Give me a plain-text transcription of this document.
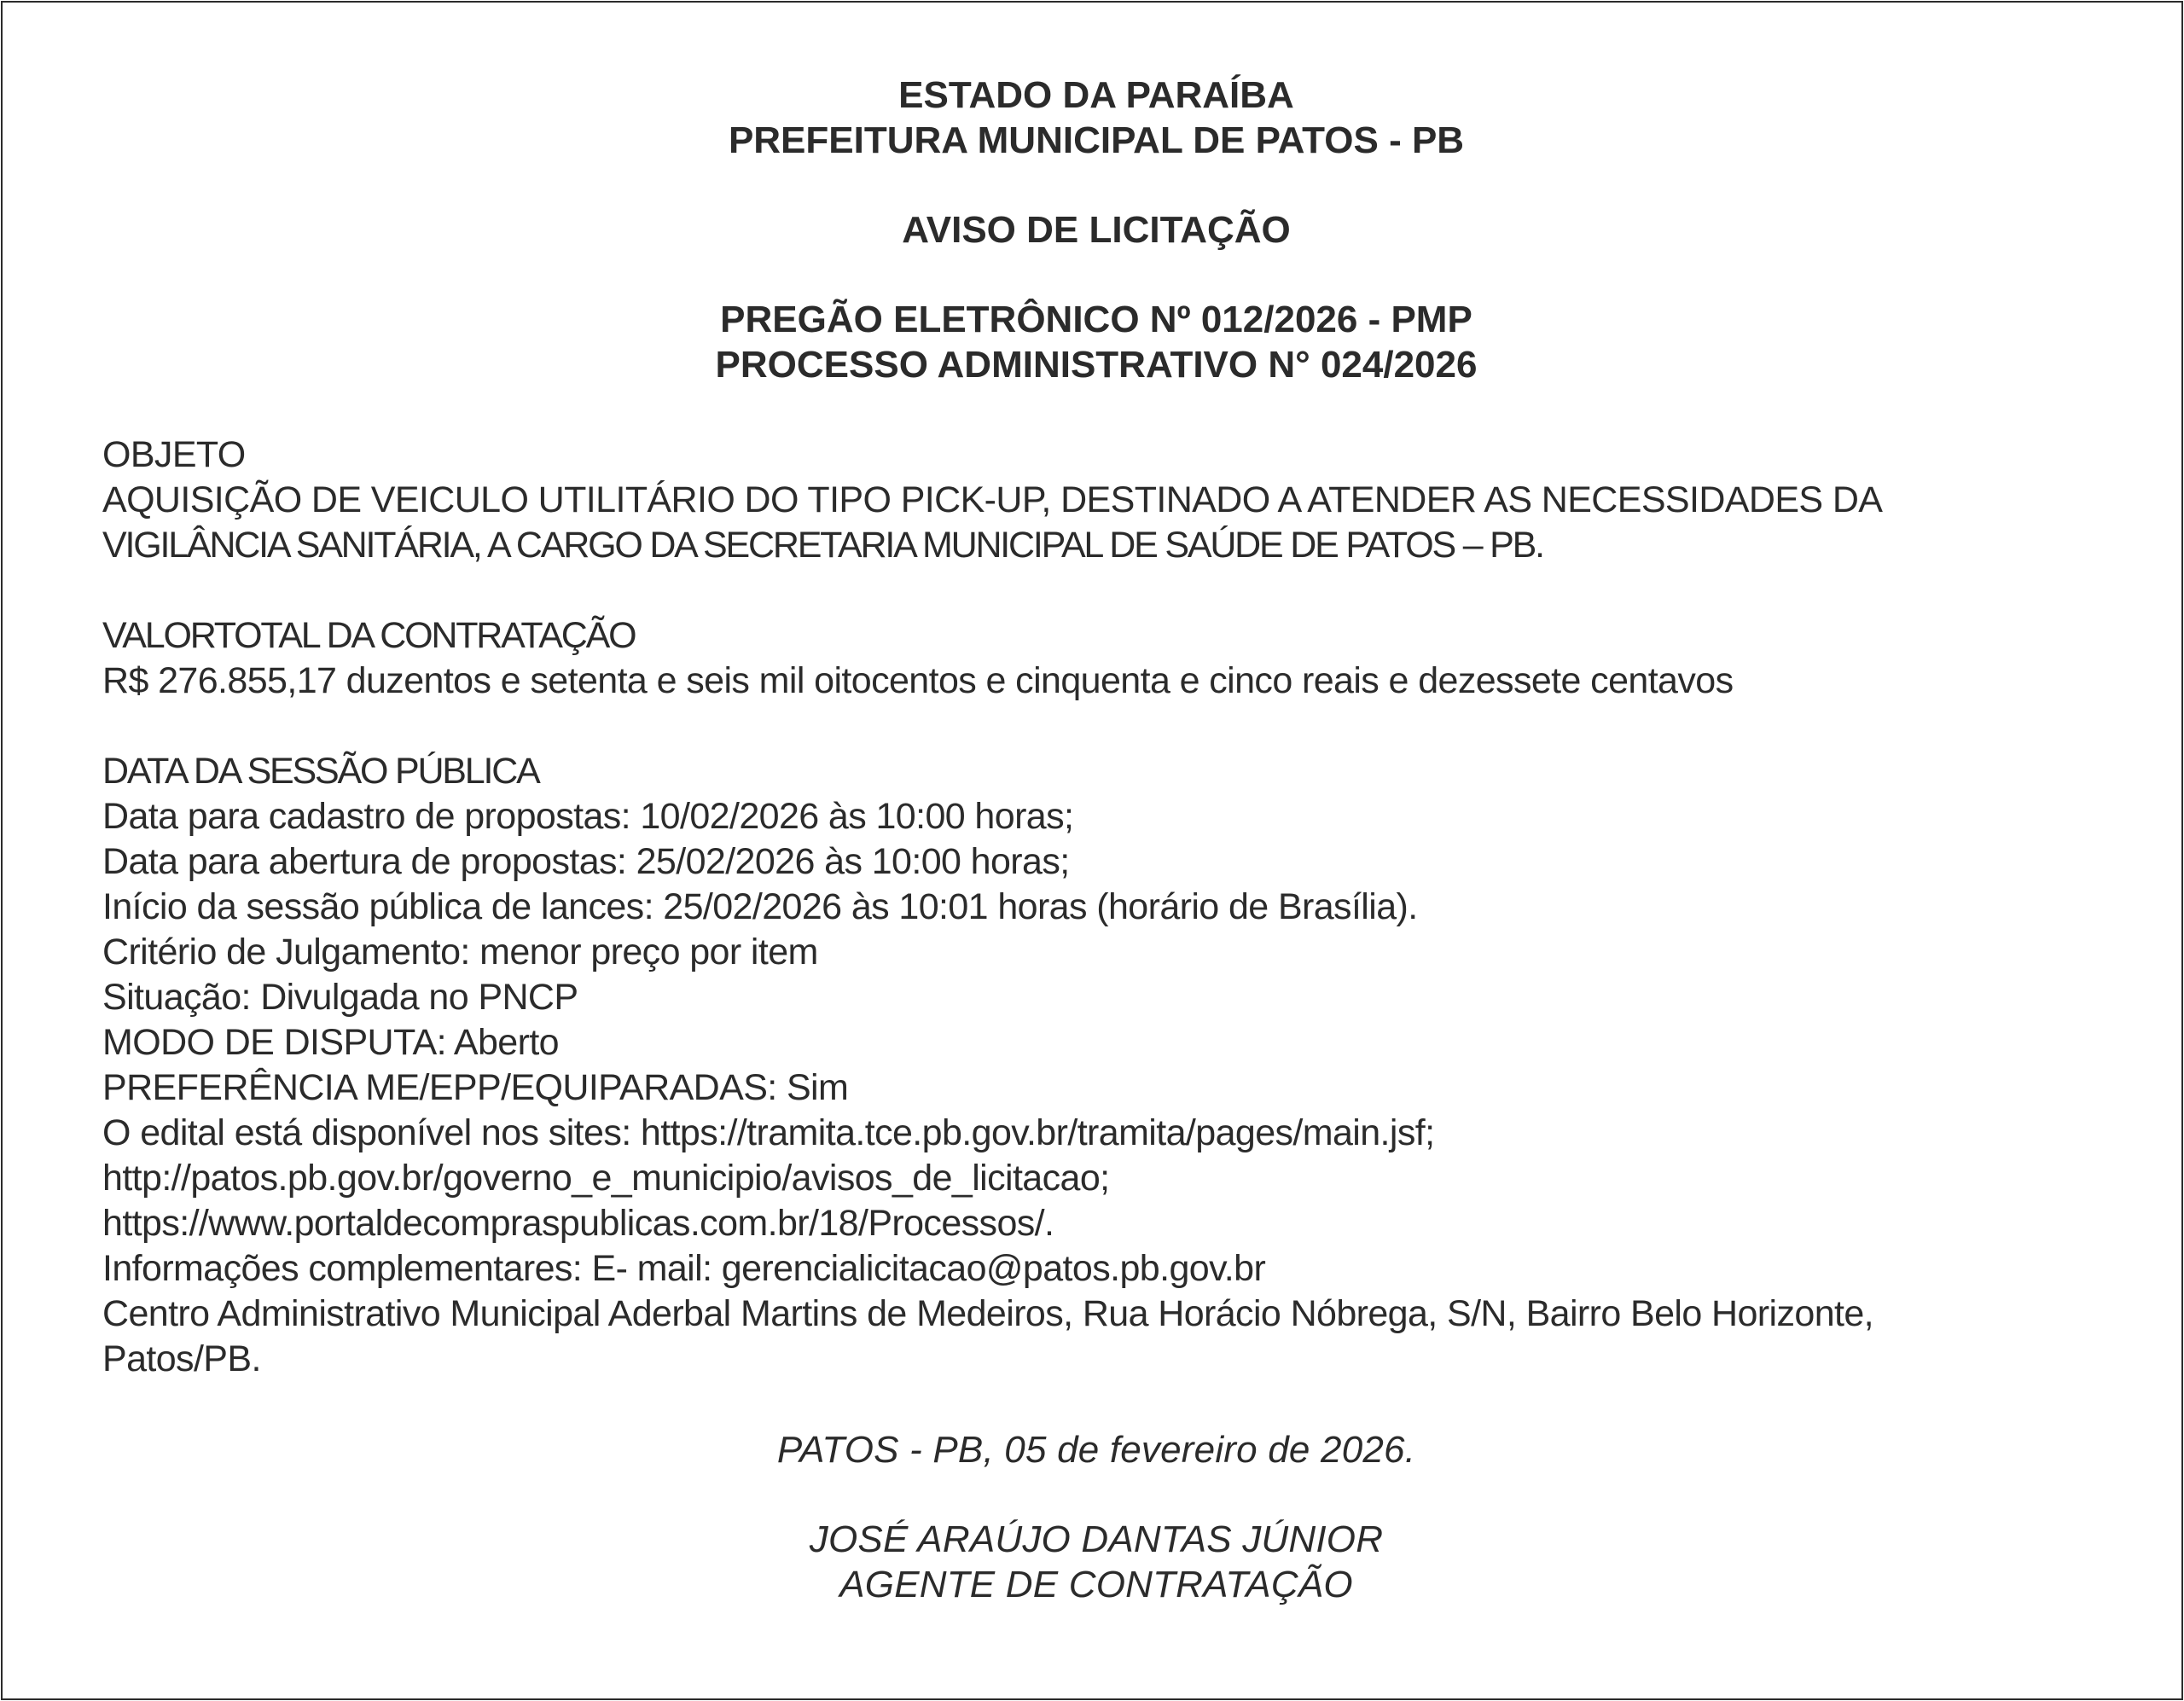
ESTADO DA PARAÍBA

PREFEITURA MUNICIPAL DE PATOS - PB

AVISO DE LICITAÇÃO

PREGÃO ELETRÔNICO Nº 012/2026 - PMP

PROCESSO ADMINISTRATIVO N° 024/2026

OBJETO

AQUISIÇÃO DE VEICULO UTILITÁRIO DO TIPO PICK-UP, DESTINADO A ATENDER AS NECESSIDADES DA

VIGILÂNCIA SANITÁRIA, A CARGO DA SECRETARIA MUNICIPAL DE SAÚDE DE PATOS – PB.

VALORTOTAL DA CONTRATAÇÃO

R$ 276.855,17 duzentos e setenta e seis mil oitocentos e cinquenta e cinco reais e dezessete centavos

DATA DA SESSÃO PÚBLICA

Data para cadastro de propostas: 10/02/2026 às 10:00 horas;

Data para abertura de propostas: 25/02/2026 às 10:00 horas;

Início da sessão pública de lances: 25/02/2026 às 10:01 horas (horário de Brasília).

Critério de Julgamento: menor preço por item

Situação: Divulgada no PNCP

MODO DE DISPUTA: Aberto

PREFERÊNCIA ME/EPP/EQUIPARADAS: Sim

O edital está disponível nos sites: https://tramita.tce.pb.gov.br/tramita/pages/main.jsf;

http://patos.pb.gov.br/governo_e_municipio/avisos_de_licitacao;

https://www.portaldecompraspublicas.com.br/18/Processos/.

Informações complementares: E- mail: gerencialicitacao@patos.pb.gov.br

Centro Administrativo Municipal Aderbal Martins de Medeiros, Rua Horácio Nóbrega, S/N, Bairro Belo Horizonte,

Patos/PB.

PATOS - PB, 05 de fevereiro de 2026.

JOSÉ ARAÚJO DANTAS JÚNIOR

AGENTE DE CONTRATAÇÃO
